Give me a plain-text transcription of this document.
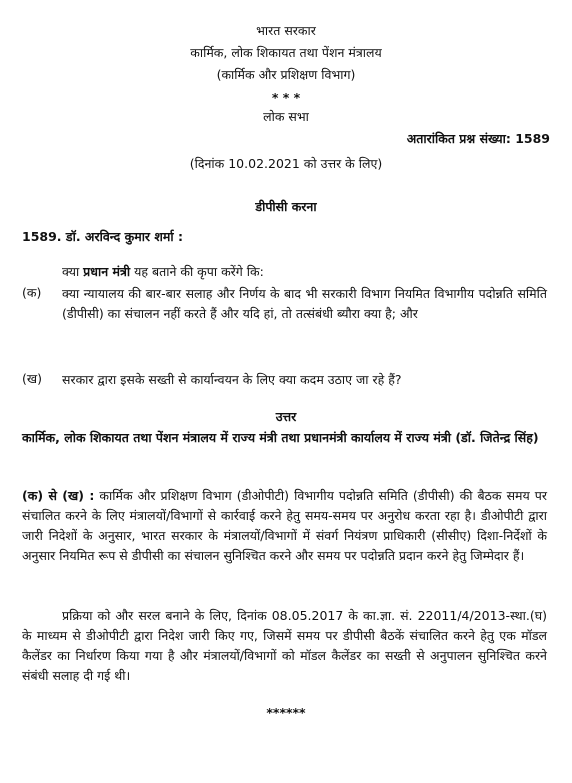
भारत सरकार
कार्मिक, लोक शिकायत तथा पेंशन मंत्रालय
(कार्मिक और प्रशिक्षण विभाग)
* * *
लोक सभा
अतारांकित प्रश्न संख्या: 1589
(दिनांक 10.02.2021 को उत्तर के लिए)
डीपीसी करना
1589. डॉ. अरविन्द कुमार शर्मा :
क्या प्रधान मंत्री यह बताने की कृपा करेंगे कि:
(क) क्या न्यायालय की बार-बार सलाह और निर्णय के बाद भी सरकारी विभाग नियमित विभागीय पदोन्नति समिति (डीपीसी) का संचालन नहीं करते हैं और यदि हां, तो तत्संबंधी ब्यौरा क्या है; और
(ख) सरकार द्वारा इसके सख्ती से कार्यान्वयन के लिए क्या कदम उठाए जा रहे हैं?
उत्तर
कार्मिक, लोक शिकायत तथा पेंशन मंत्रालय में राज्य मंत्री तथा प्रधानमंत्री कार्यालय में राज्य मंत्री (डॉ. जितेन्द्र सिंह)
(क) से (ख) : कार्मिक और प्रशिक्षण विभाग (डीओपीटी) विभागीय पदोन्नति समिति (डीपीसी) की बैठक समय पर संचालित करने के लिए मंत्रालयों/विभागों से कार्रवाई करने हेतु समय-समय पर अनुरोध करता रहा है। डीओपीटी द्वारा जारी निदेशों के अनुसार, भारत सरकार के मंत्रालयों/विभागों में संवर्ग नियंत्रण प्राधिकारी (सीसीए) दिशा-निर्देशों के अनुसार नियमित रूप से डीपीसी का संचालन सुनिश्चित करने और समय पर पदोन्नति प्रदान करने हेतु जिम्मेदार हैं।
प्रक्रिया को और सरल बनाने के लिए, दिनांक 08.05.2017 के का.ज्ञा. सं. 22011/4/2013-स्था.(घ) के माध्यम से डीओपीटी द्वारा निदेश जारी किए गए, जिसमें समय पर डीपीसी बैठकें संचालित करने हेतु एक मॉडल कैलेंडर का निर्धारण किया गया है और मंत्रालयों/विभागों को मॉडल कैलेंडर का सख्ती से अनुपालन सुनिश्चित करने संबंधी सलाह दी गई थी।
******
